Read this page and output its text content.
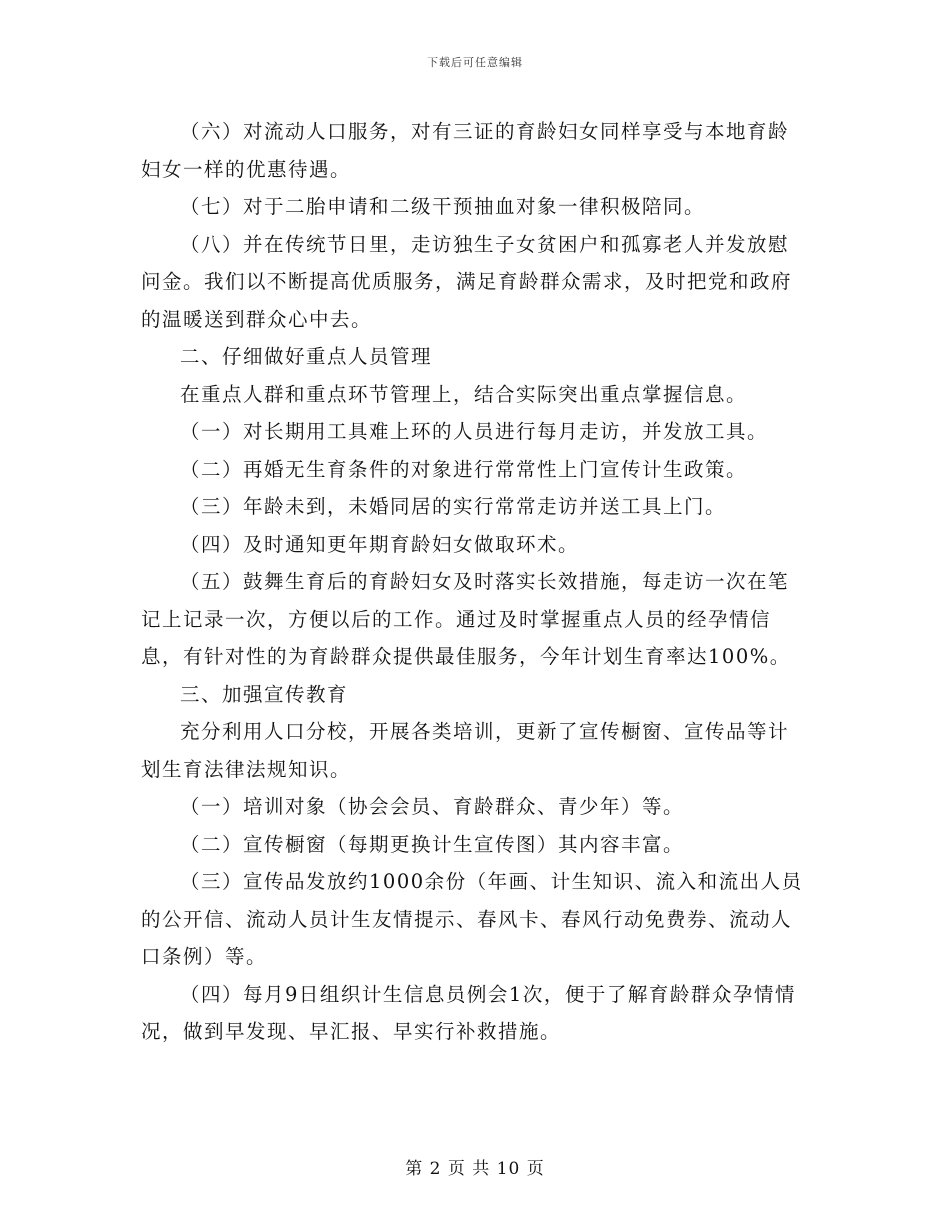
下载后可任意编辑

（六）对流动人口服务，对有三证的育龄妇女同样享受与本地育龄妇女一样的优惠待遇。

（七）对于二胎申请和二级干预抽血对象一律积极陪同。

（八）并在传统节日里，走访独生子女贫困户和孤寡老人并发放慰问金。我们以不断提高优质服务，满足育龄群众需求，及时把党和政府的温暖送到群众心中去。

二、仔细做好重点人员管理

在重点人群和重点环节管理上，结合实际突出重点掌握信息。

（一）对长期用工具难上环的人员进行每月走访，并发放工具。

（二）再婚无生育条件的对象进行常常性上门宣传计生政策。

（三）年龄未到，未婚同居的实行常常走访并送工具上门。

（四）及时通知更年期育龄妇女做取环术。

（五）鼓舞生育后的育龄妇女及时落实长效措施，每走访一次在笔记上记录一次，方便以后的工作。通过及时掌握重点人员的经孕情信息，有针对性的为育龄群众提供最佳服务，今年计划生育率达100%。

三、加强宣传教育

充分利用人口分校，开展各类培训，更新了宣传橱窗、宣传品等计划生育法律法规知识。

（一）培训对象（协会会员、育龄群众、青少年）等。

（二）宣传橱窗（每期更换计生宣传图）其内容丰富。

（三）宣传品发放约1000余份（年画、计生知识、流入和流出人员的公开信、流动人员计生友情提示、春风卡、春风行动免费券、流动人口条例）等。

（四）每月9日组织计生信息员例会1次，便于了解育龄群众孕情情况，做到早发现、早汇报、早实行补救措施。

第 2 页 共 10 页
